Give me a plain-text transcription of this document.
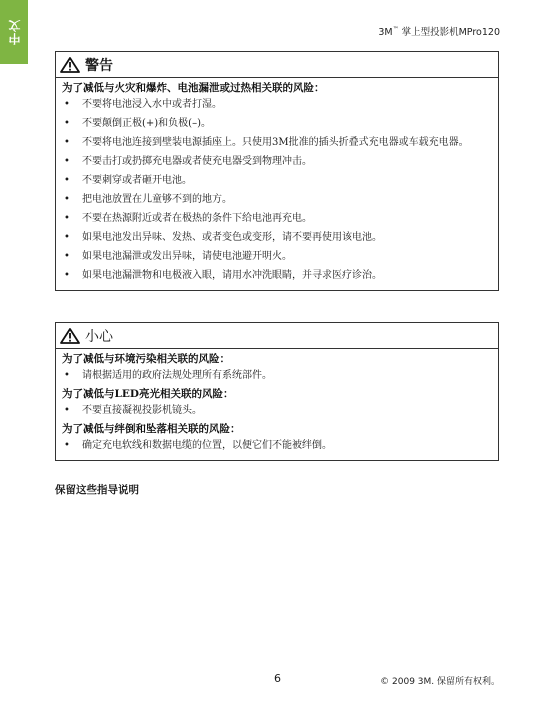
中文	3M™ 掌上型投影机MPro120
警告
为了减低与火灾和爆炸、电池漏泄或过热相关联的风险：
• 不要将电池浸入水中或者打湿。
• 不要颠倒正极(+)和负极(–)。
• 不要将电池连接到壁装电源插座上。只使用3M批准的插头折叠式充电器或车载充电器。
• 不要击打或扔掷充电器或者使充电器受到物理冲击。
• 不要刺穿或者砸开电池。
• 把电池放置在儿童够不到的地方。
• 不要在热源附近或者在极热的条件下给电池再充电。
• 如果电池发出异味、发热、或者变色或变形，请不要再使用该电池。
• 如果电池漏泄或发出异味，请使电池避开明火。
• 如果电池漏泄物和电极液入眼，请用水冲洗眼睛，并寻求医疗诊治。
小心
为了减低与环境污染相关联的风险：
• 请根据适用的政府法规处理所有系统部件。
为了减低与LED亮光相关联的风险：
• 不要直接凝视投影机镜头。
为了减低与绊倒和坠落相关联的风险：
• 确定充电软线和数据电缆的位置，以便它们不能被绊倒。
保留这些指导说明
6	© 2009 3M. 保留所有权利。
